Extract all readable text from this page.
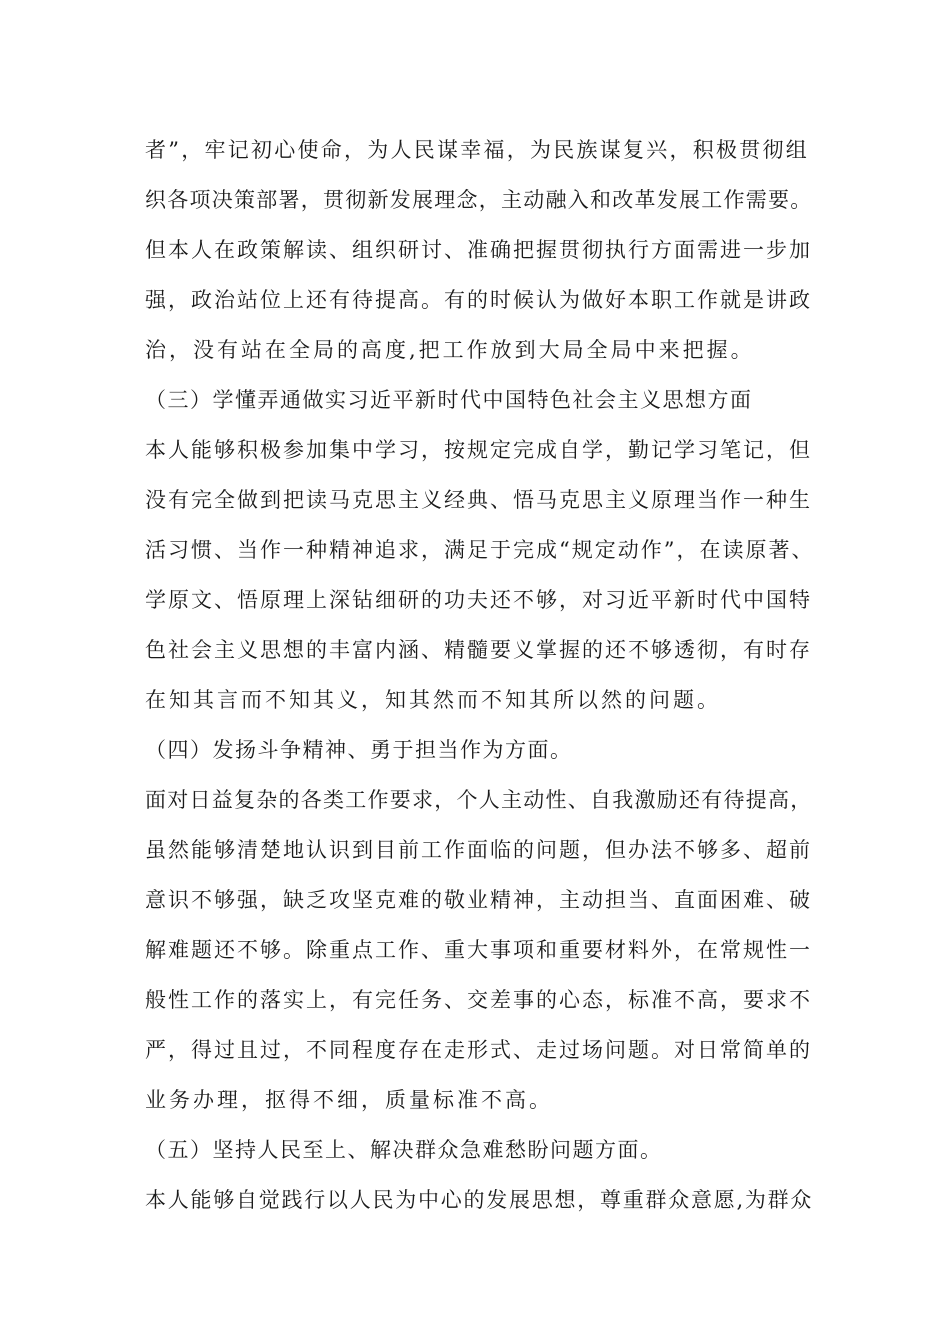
者”，牢记初心使命，为人民谋幸福，为民族谋复兴，积极贯彻组
织各项决策部署，贯彻新发展理念，主动融入和改革发展工作需要。
但本人在政策解读、组织研讨、准确把握贯彻执行方面需进一步加
强，政治站位上还有待提高。有的时候认为做好本职工作就是讲政
治，没有站在全局的高度,把工作放到大局全局中来把握。
（三）学懂弄通做实习近平新时代中国特色社会主义思想方面
本人能够积极参加集中学习，按规定完成自学，勤记学习笔记，但
没有完全做到把读马克思主义经典、悟马克思主义原理当作一种生
活习惯、当作一种精神追求，满足于完成“规定动作”，在读原著、
学原文、悟原理上深钻细研的功夫还不够，对习近平新时代中国特
色社会主义思想的丰富内涵、精髓要义掌握的还不够透彻，有时存
在知其言而不知其义，知其然而不知其所以然的问题。
（四）发扬斗争精神、勇于担当作为方面。
面对日益复杂的各类工作要求，个人主动性、自我激励还有待提高，
虽然能够清楚地认识到目前工作面临的问题，但办法不够多、超前
意识不够强，缺乏攻坚克难的敬业精神，主动担当、直面困难、破
解难题还不够。除重点工作、重大事项和重要材料外，在常规性一
般性工作的落实上，有完任务、交差事的心态，标准不高，要求不
严，得过且过，不同程度存在走形式、走过场问题。对日常简单的
业务办理，抠得不细，质量标准不高。
（五）坚持人民至上、解决群众急难愁盼问题方面。
本人能够自觉践行以人民为中心的发展思想，尊重群众意愿,为群众
